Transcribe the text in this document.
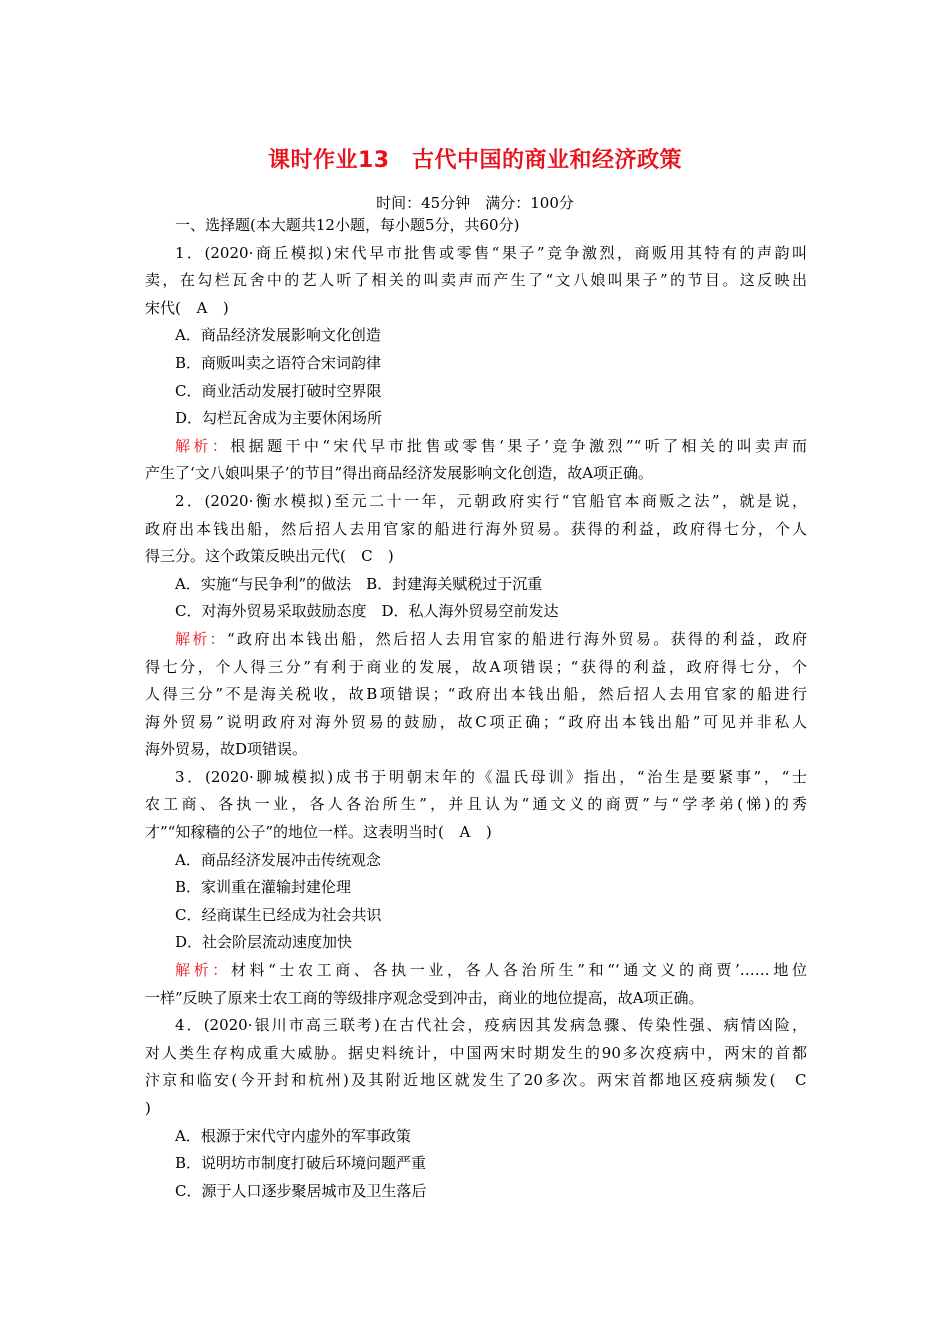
课时作业13　古代中国的商业和经济政策
时间：45分钟　满分：100分
一、选择题(本大题共12小题，每小题5分，共60分)
1．(2020·商丘模拟)宋代早市批售或零售“果子”竞争激烈，商贩用其特有的声韵叫
卖，在勾栏瓦舍中的艺人听了相关的叫卖声而产生了“文八娘叫果子”的节目。这反映出
宋代(　A　)
A．商品经济发展影响文化创造
B．商贩叫卖之语符合宋词韵律
C．商业活动发展打破时空界限
D．勾栏瓦舍成为主要休闲场所
解析：根据题干中“宋代早市批售或零售‘果子’竞争激烈”“听了相关的叫卖声而
产生了‘文八娘叫果子’的节目”得出商品经济发展影响文化创造，故A项正确。
2．(2020·衡水模拟)至元二十一年，元朝政府实行“官船官本商贩之法”，就是说，
政府出本钱出船，然后招人去用官家的船进行海外贸易。获得的利益，政府得七分，个人
得三分。这个政策反映出元代(　C　)
A．实施“与民争利”的做法　B．封建海关赋税过于沉重
C．对海外贸易采取鼓励态度　D．私人海外贸易空前发达
解析：“政府出本钱出船，然后招人去用官家的船进行海外贸易。获得的利益，政府
得七分，个人得三分”有利于商业的发展，故A项错误；“获得的利益，政府得七分，个
人得三分”不是海关税收，故B项错误；“政府出本钱出船，然后招人去用官家的船进行
海外贸易”说明政府对海外贸易的鼓励，故C项正确；“政府出本钱出船”可见并非私人
海外贸易，故D项错误。
3．(2020·聊城模拟)成书于明朝末年的《温氏母训》指出，“治生是要紧事”，“士
农工商、各执一业，各人各治所生”，并且认为“通文义的商贾”与“学孝弟(悌)的秀
才”“知稼穑的公子”的地位一样。这表明当时(　A　)
A．商品经济发展冲击传统观念
B．家训重在灌输封建伦理
C．经商谋生已经成为社会共识
D．社会阶层流动速度加快
解析：材料“士农工商、各执一业，各人各治所生”和“‘通文义的商贾’……地位
一样”反映了原来士农工商的等级排序观念受到冲击，商业的地位提高，故A项正确。
4．(2020·银川市高三联考)在古代社会，疫病因其发病急骤、传染性强、病情凶险，
对人类生存构成重大威胁。据史料统计，中国两宋时期发生的90多次疫病中，两宋的首都
汴京和临安(今开封和杭州)及其附近地区就发生了20多次。两宋首都地区疫病频发(　C
)
A．根源于宋代守内虚外的军事政策
B．说明坊市制度打破后环境问题严重
C．源于人口逐步聚居城市及卫生落后
